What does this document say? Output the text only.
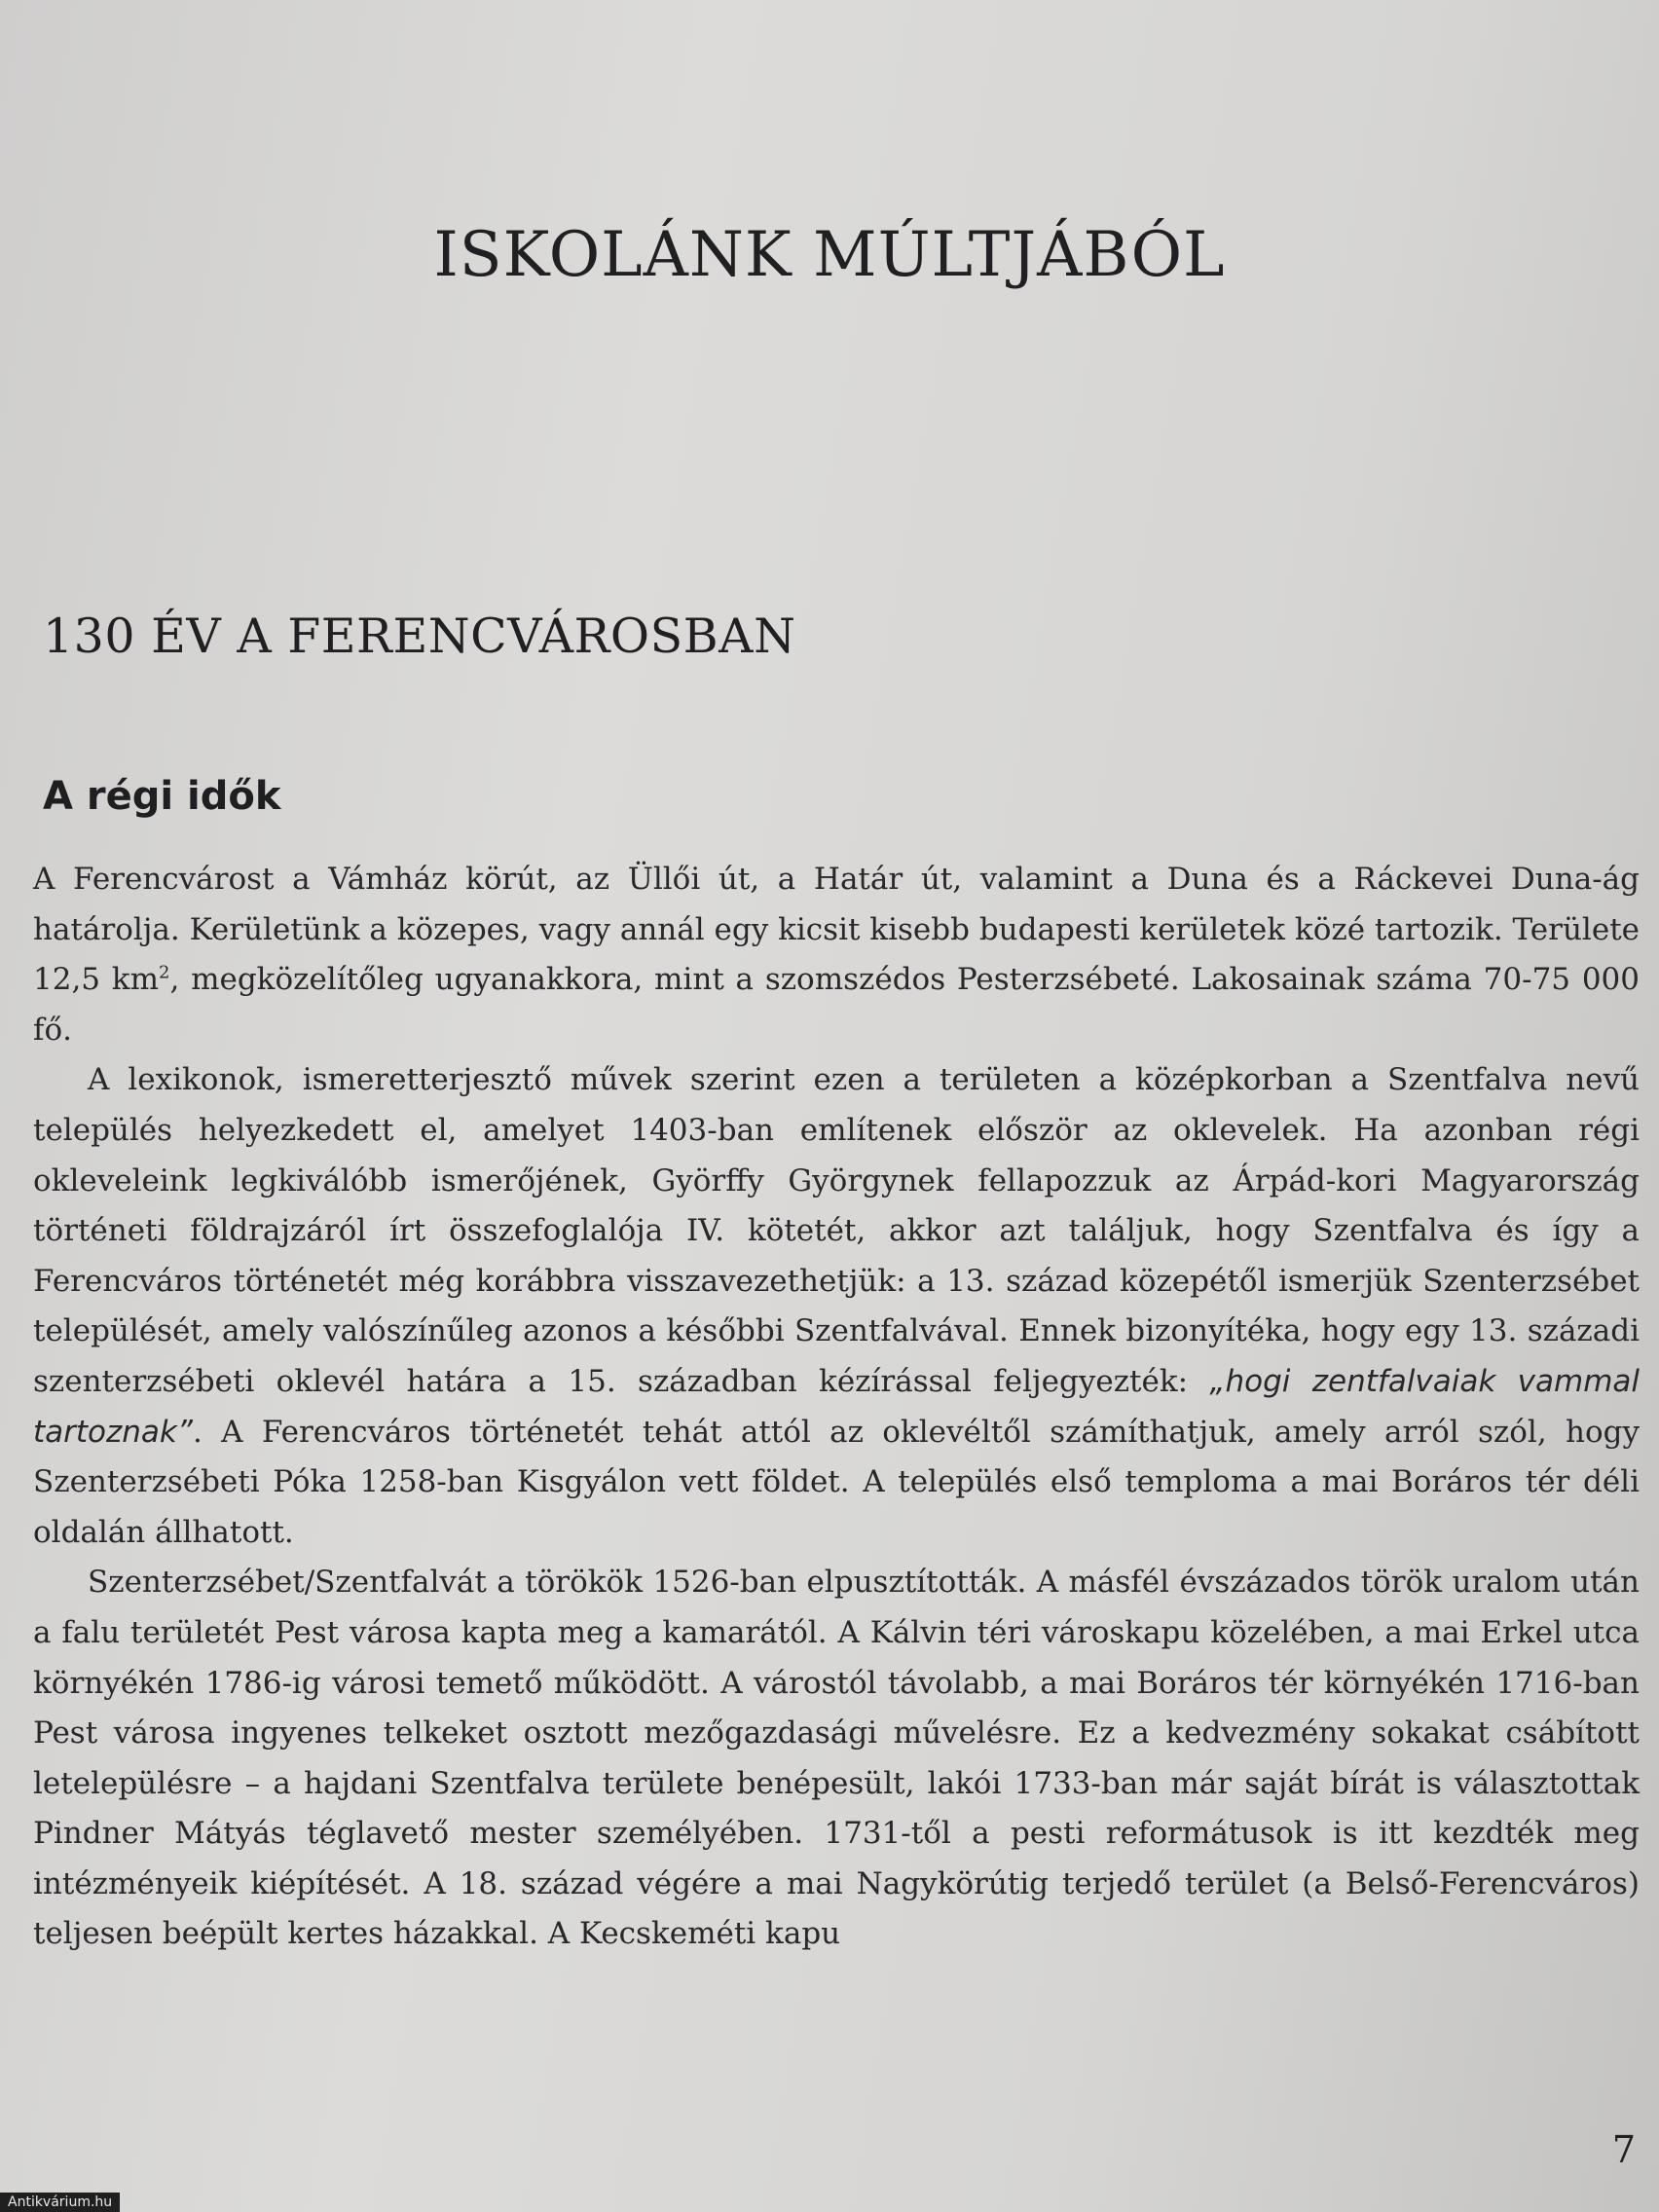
ISKOLÁNK MÚLTJÁBÓL
130 ÉV A FERENCVÁROSBAN
A régi idők

A Ferencvárost a Vámház körút, az Üllői út, a Határ út, valamint a Duna és a Ráckevei Duna-ág határolja. Kerületünk a közepes, vagy annál egy kicsit kisebb budapesti kerületek közé tartozik. Területe 12,5 $km^2$, megközelítőleg ugyanakkora, mint a szomszédos Pesterzsébeté. Lakosainak száma 70-75 000 fő.

A lexikonok, ismeretterjesztő művek szerint ezen a területen a középkorban a Szentfalva nevű település helyezkedett el, amelyet 1403-ban említenek először az oklevelek. Ha azonban régi okleveleink legkiválóbb ismerőjének, Györffy Györgynek fellapozzuk az Árpád-kori Magyarország történeti földrajzáról írt összefoglalója IV. kötetét, akkor azt találjuk, hogy Szentfalva és így a Ferencváros történetét még korábbra visszavezethetjük: a 13. század közepétől ismerjük Szenterzsébet települését, amely valószínűleg azonos a későbbi Szentfalvával. Ennek bizonyítéka, hogy egy 13. századi szenterzsébeti oklevél határa a 15. században kézírással feljegyezték: „hogi zentfalvaiak vammal tartoznak”. A Ferencváros történetét tehát attól az oklevéltől számíthatjuk, amely arról szól, hogy Szenterzsébeti Póka 1258-ban Kisgyálon vett földet. A település első temploma a mai Boráros tér déli oldalán állhatott.

Szenterzsébet/Szentfalvát a törökök 1526-ban elpusztították. A másfél évszázados török uralom után a falu területét Pest városa kapta meg a kamarától. A Kálvin téri városkapu közelében, a mai Erkel utca környékén 1786-ig városi temető működött. A várostól távolabb, a mai Boráros tér környékén 1716-ban Pest városa ingyenes telkeket osztott mezőgazdasági művelésre. Ez a kedvezmény sokakat csábított letelepülésre – a hajdani Szentfalva területe benépesült, lakói 1733-ban már saját bírát is választottak Pindner Mátyás téglavető mester személyében. 1731-től a pesti reformátusok is itt kezdték meg intézményeik kiépítését. A 18. század végére a mai Nagykörútig terjedő terület (a Belső-Ferencváros) teljesen beépült kertes házakkal. A Kecskeméti kapu

7
Antikvárium.hu
